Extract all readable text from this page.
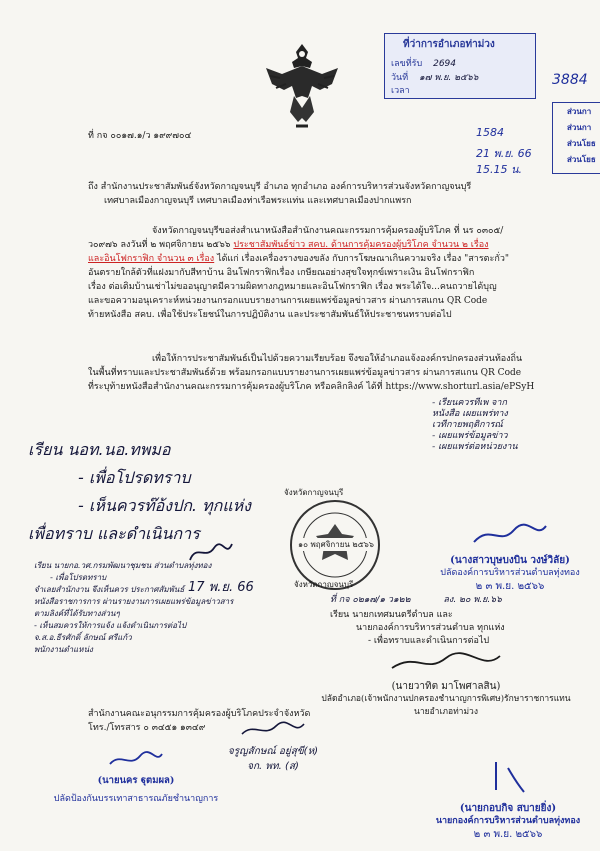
ที่ว่าการอำเภอท่าม่วง
เลขที่รับ 2694
วันที่ ๑๗ พ.ย. ๒๕๖๖
เวลา
1584
21 พ.ย. 66
15.15 น.
3884
ส่วนกา
ส่วนกา
ส่วนโยธ
ส่วนโยธ
ที่ กจ ๐๐๑๗.๑/ว ๑๙๙๗๐๔
ถึง สำนักงานประชาสัมพันธ์จังหวัดกาญจนบุรี อำเภอ ทุกอำเภอ องค์การบริหารส่วนจังหวัดกาญจนบุรี
เทศบาลเมืองกาญจนบุรี เทศบาลเมืองท่าเรือพระแท่น และเทศบาลเมืองปากแพรก
จังหวัดกาญจนบุรีขอส่งสำเนาหนังสือสำนักงานคณะกรรมการคุ้มครองผู้บริโภค ที่ นร ๐๓๐๕/
ว๐๙๗๖ ลงวันที่ ๒ พฤศจิกายน ๒๕๖๖ ประชาสัมพันธ์ข่าว สคบ. ด้านการคุ้มครองผู้บริโภค จำนวน ๒ เรื่อง
และอินโฟกราฟิก จำนวน ๓ เรื่อง ได้แก่ เรื่องเครื่องรางของขลัง กับการโฆษณาเกินความจริง เรื่อง "สารตะกั่ว"
อันตรายใกล้ตัวที่แฝงมากับสีทาบ้าน อินโฟกราฟิกเรื่อง เกษียณอย่างสุขใจทุกข์เพราะเงิน อินโฟกราฟิก
เรื่อง ต่อเติมบ้านเช่าไม่ขออนุญาตมีความผิดทางกฎหมายและอินโฟกราฟิก เรื่อง พระได้ใจ...คนถวายได้บุญ
และขอความอนุเคราะห์หน่วยงานกรอกแบบรายงานการเผยแพร่ข้อมูลข่าวสาร ผ่านการสแกน QR Code
ท้ายหนังสือ สคบ. เพื่อใช้ประโยชน์ในการปฏิบัติงาน และประชาสัมพันธ์ให้ประชาชนทราบต่อไป
เพื่อให้การประชาสัมพันธ์เป็นไปด้วยความเรียบร้อย จึงขอให้อำเภอแจ้งองค์กรปกครองส่วนท้องถิ่น
ในพื้นที่ทราบและประชาสัมพันธ์ด้วย พร้อมกรอกแบบรายงานการเผยแพร่ข้อมูลข่าวสาร ผ่านการสแกน QR Code
ที่ระบุท้ายหนังสือสำนักงานคณะกรรมการคุ้มครองผู้บริโภค หรือคลิกลิงค์ ได้ที่ https://www.shorturl.asia/ePSyH
- เรียนควรทีเพ จาก
หนังสือ เผยแพร่ทาง
เวทีกายพฤติการณ์
- เผยแพร่ข้อมูลข่าว
- เผยแพร่ต่อหน่วยงาน
เรียน นอท.นอ.ทพมอ
- เพื่อโปรดทราบ
- เห็นควรท๊อ้งปก. ทุกแห่ง
เพื่อทราบ และดำเนินการ
จังหวัดกาญจนบุรี
๑๐ พฤศจิกายน ๒๕๖๖
จังหวัดกาญจนบุรี
(นางสาวบุษบงบิน วงษ์วิลัย)
ปลัดองค์การบริหารส่วนตำบลทุ่งทอง
๒ ๓ พ.ย. ๒๕๖๖
ที่ กจ ๐๒๑๗/๑ ว๑๒๒	ลง. ๒๐ พ.ย.๖๖
เรียน นายกเทศมนตรีตำบล และ
นายกองค์การบริหารส่วนตำบล ทุกแห่ง
- เพื่อทราบและดำเนินการต่อไป
(นายวาทิต มาโพศาลสิน)
ปลัดอำเภอ(เจ้าพนักงานปกครองชำนาญการพิเศษ)รักษาราชการแทน
นายอำเภอท่าม่วง
เรียน นายกอ.วศ.กรมพัฒนาชุมชน ส่วนตำบลทุ่งทอง
- เพื่อโปรดทราบ
จำเลยสำนักงาน จึงเห็นควร ประกาศสัมพันธ์
หนังสือราชการการ ผ่านรายงานการเผยแพร่ข้อมูลข่าวสาร
ตามลิงค์ที่ได้รับทางส่วนๆ
- เห็นสมควรให้การแจ้ง แจ้งดำเนินการต่อไป
จ.ส.อ.ธีรศักดิ์ ลักษณ์ ศรีแก้ว
พนักงานตำแหน่ง
17 พ.ย. 66
สำนักงานคณะอนุกรรมการคุ้มครองผู้บริโภคประจำจังหวัด
โทร./โทรสาร ๐ ๓๔๕๑ ๑๓๔๙
จรูญสักษณ์ อยู่สุขี(ห)
จก. พท. (ส)
(นายนคร ฐุตมผล)
ปลัดป้องกันบรรเทาสาธารณภัยชำนาญการ
(นายกอบกิจ สบายยิ่ง)
นายกองค์การบริหารส่วนตำบลทุ่งทอง
๒ ๓ พ.ย. ๒๕๖๖
